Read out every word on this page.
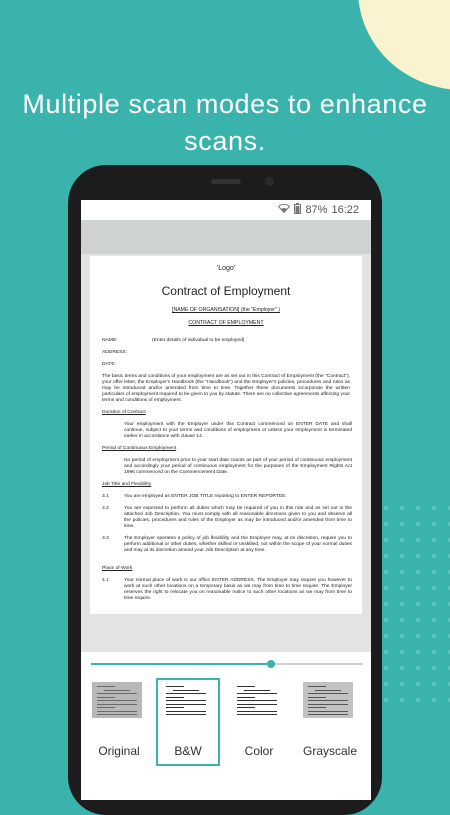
Multiple scan modes to enhance
scans.
87% 16:22
'Logo'
Contract of Employment
[NAME OF ORGANISATION] (the "Employer" )
CONTRACT OF EMPLOYMENT
NAME:	(Enter details of individual to be employed)
ADDRESS:
DATE:
The basic terms and conditions of your employment are as set out in this Contract of Employment (the "Contract"), your offer letter, the Employer's Handbook (the "Handbook") and the Employer's policies, procedures and rules as may be introduced and/or amended from time to time. Together these documents incorporate the written particulars of employment required to be given to you by statute. There are no collective agreements affecting your terms and conditions of employment.
Duration of Contract
Your employment with the Employer under this Contract commenced on ENTER DATE and shall continue, subject to your terms and conditions of employment or unless your employment is terminated earlier in accordance with clause 14.
Period of Continuous Employment
No period of employment prior to your start date counts as part of your period of continuous employment and accordingly your period of continuous employment for the purposes of the Employment Rights Act 1996 commenced on the Commencement Date.
Job Title and Flexibility
3.1	You are employed as ENTER JOB TITLE reporting to ENTER REPORTEE.
3.2	You are expected to perform all duties which may be required of you in this role and as set out in the attached Job Description. You must comply with all reasonable directions given to you and observe all the policies, procedures and rules of the Employer as may be introduced and/or amended from time to time.
3.3	The Employer operates a policy of job flexibility and the Employer may, at its discretion, require you to perform additional or other duties, whether skilled or unskilled, not within the scope of your normal duties and may at its discretion amend your Job Description at any time.
Place of Work
4.1	Your normal place of work is our office ENTER ADDRESS. The Employer may require you however to work at such other locations on a temporary basis as we may from time to time require. The Employer reserves the right to relocate you on reasonable notice to such other locations as we may from time to time require.
Original	B&W	Color	Grayscale
